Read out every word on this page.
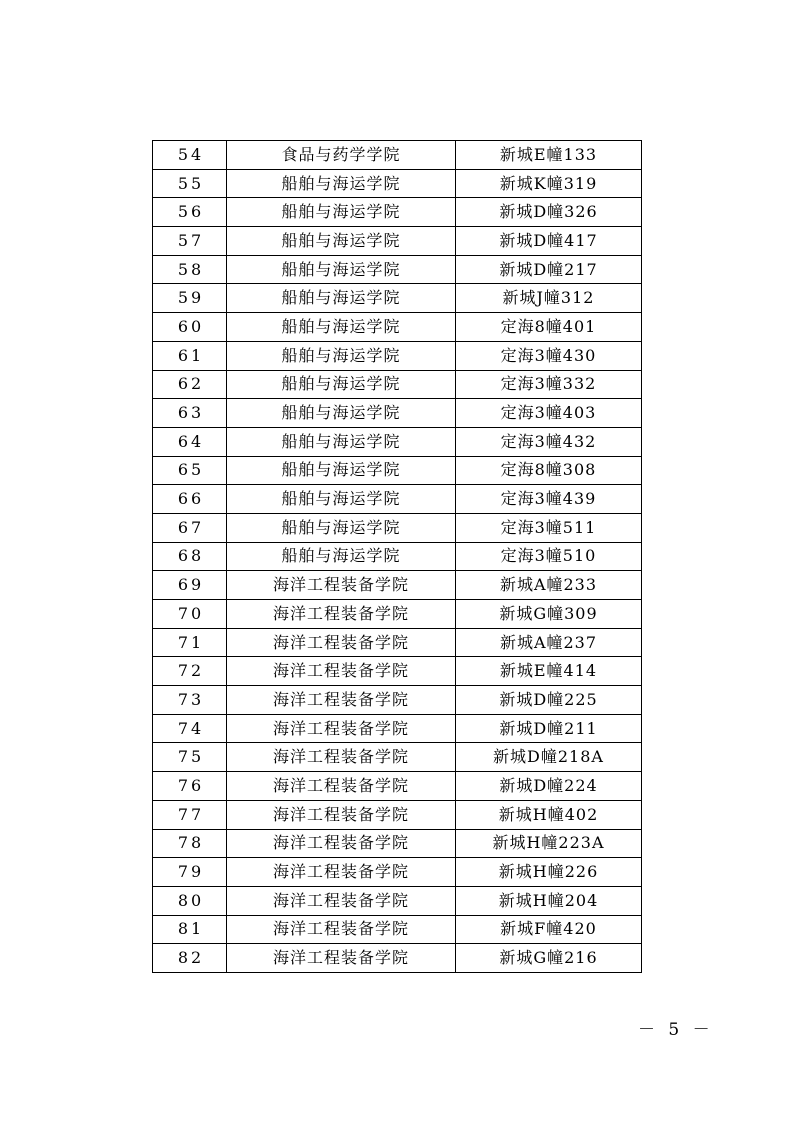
54	食品与药学学院	新城E幢133
55	船舶与海运学院	新城K幢319
56	船舶与海运学院	新城D幢326
57	船舶与海运学院	新城D幢417
58	船舶与海运学院	新城D幢217
59	船舶与海运学院	新城J幢312
60	船舶与海运学院	定海8幢401
61	船舶与海运学院	定海3幢430
62	船舶与海运学院	定海3幢332
63	船舶与海运学院	定海3幢403
64	船舶与海运学院	定海3幢432
65	船舶与海运学院	定海8幢308
66	船舶与海运学院	定海3幢439
67	船舶与海运学院	定海3幢511
68	船舶与海运学院	定海3幢510
69	海洋工程装备学院	新城A幢233
70	海洋工程装备学院	新城G幢309
71	海洋工程装备学院	新城A幢237
72	海洋工程装备学院	新城E幢414
73	海洋工程装备学院	新城D幢225
74	海洋工程装备学院	新城D幢211
75	海洋工程装备学院	新城D幢218A
76	海洋工程装备学院	新城D幢224
77	海洋工程装备学院	新城H幢402
78	海洋工程装备学院	新城H幢223A
79	海洋工程装备学院	新城H幢226
80	海洋工程装备学院	新城H幢204
81	海洋工程装备学院	新城F幢420
82	海洋工程装备学院	新城G幢216
－ 5 －
